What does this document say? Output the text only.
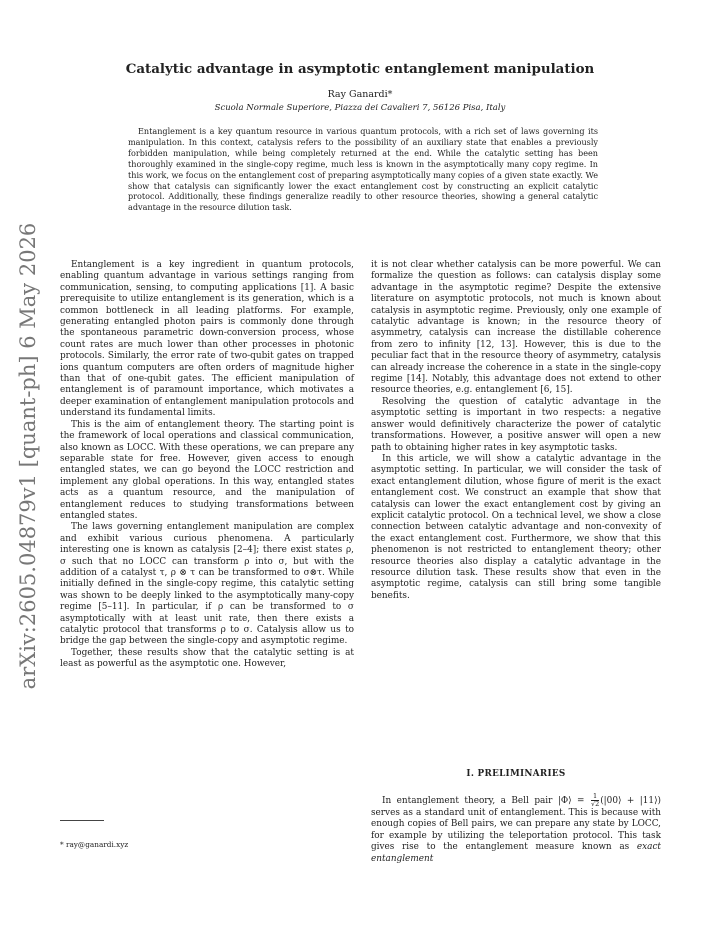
arXiv:2605.04879v1 [quant-ph] 6 May 2026
Catalytic advantage in asymptotic entanglement manipulation
Ray Ganardi*
Scuola Normale Superiore, Piazza dei Cavalieri 7, 56126 Pisa, Italy
Entanglement is a key quantum resource in various quantum protocols, with a rich set of laws governing its manipulation. In this context, catalysis refers to the possibility of an auxiliary state that enables a previously forbidden manipulation, while being completely returned at the end. While the catalytic setting has been thoroughly examined in the single-copy regime, much less is known in the asymptotically many copy regime. In this work, we focus on the entanglement cost of preparing asymptotically many copies of a given state exactly. We show that catalysis can significantly lower the exact entanglement cost by constructing an explicit catalytic protocol. Additionally, these findings generalize readily to other resource theories, showing a general catalytic advantage in the resource dilution task.

Entanglement is a key ingredient in quantum protocols, enabling quantum advantage in various settings ranging from communication, sensing, to computing applications [1]. A basic prerequisite to utilize entanglement is its generation, which is a common bottleneck in all leading platforms. For example, generating entangled photon pairs is commonly done through the spontaneous parametric down-conversion process, whose count rates are much lower than other processes in photonic protocols. Similarly, the error rate of two-qubit gates on trapped ions quantum computers are often orders of magnitude higher than that of one-qubit gates. The efficient manipulation of entanglement is of paramount importance, which motivates a deeper examination of entanglement manipulation protocols and understand its fundamental limits.

This is the aim of entanglement theory. The starting point is the framework of local operations and classical communication, also known as LOCC. With these operations, we can prepare any separable state for free. However, given access to enough entangled states, we can go beyond the LOCC restriction and implement any global operations. In this way, entangled states acts as a quantum resource, and the manipulation of entanglement reduces to studying transformations between entangled states.

The laws governing entanglement manipulation are complex and exhibit various curious phenomena. A particularly interesting one is known as catalysis [2–4]; there exist states ρ, σ such that no LOCC can transform ρ into σ, but with the addition of a catalyst τ, ρ ⊗ τ can be transformed to σ⊗τ. While initially defined in the single-copy regime, this catalytic setting was shown to be deeply linked to the asymptotically many-copy regime [5–11]. In particular, if ρ can be transformed to σ asymptotically with at least unit rate, then there exists a catalytic protocol that transforms ρ to σ. Catalysis allow us to bridge the gap between the single-copy and asymptotic regime.

Together, these results show that the catalytic setting is at least as powerful as the asymptotic one. However,

it is not clear whether catalysis can be more powerful. We can formalize the question as follows: can catalysis display some advantage in the asymptotic regime? Despite the extensive literature on asymptotic protocols, not much is known about catalysis in asymptotic regime. Previously, only one example of catalytic advantage is known; in the resource theory of asymmetry, catalysis can increase the distillable coherence from zero to infinity [12, 13]. However, this is due to the peculiar fact that in the resource theory of asymmetry, catalysis can already increase the coherence in a state in the single-copy regime [14]. Notably, this advantage does not extend to other resource theories, e.g. entanglement [6, 15].

Resolving the question of catalytic advantage in the asymptotic setting is important in two respects: a negative answer would definitively characterize the power of catalytic transformations. However, a positive answer will open a new path to obtaining higher rates in key asymptotic tasks.

In this article, we will show a catalytic advantage in the asymptotic setting. In particular, we will consider the task of exact entanglement dilution, whose figure of merit is the exact entanglement cost. We construct an example that show that catalysis can lower the exact entanglement cost by giving an explicit catalytic protocol. On a technical level, we show a close connection between catalytic advantage and non-convexity of the exact entanglement cost. Furthermore, we show that this phenomenon is not restricted to entanglement theory; other resource theories also display a catalytic advantage in the resource dilution task. These results show that even in the asymptotic regime, catalysis can still bring some tangible benefits.

I. PRELIMINARIES

In entanglement theory, a Bell pair |Φ⟩ = $\frac{1}{√2}$ (|00⟩ + |11⟩) serves as a standard unit of entanglement. This is because with enough copies of Bell pairs, we can prepare any state by LOCC, for example by utilizing the teleportation protocol. This task gives rise to the entanglement measure known as exact entanglement

* ray@ganardi.xyz
